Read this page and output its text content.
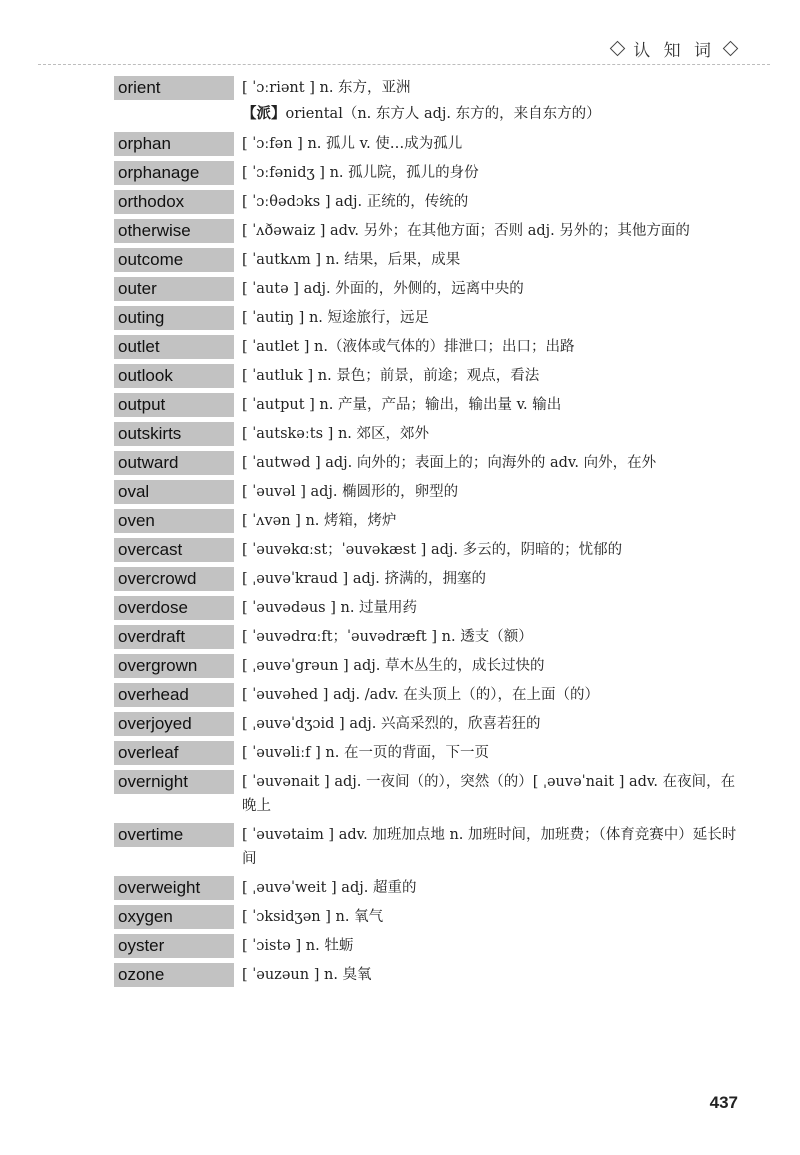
认 知 词
orient	[ ˈɔːriənt ] n. 东方，亚洲
【派】oriental（n. 东方人 adj. 东方的，来自东方的）
orphan	[ ˈɔːfən ] n. 孤儿 v. 使…成为孤儿
orphanage	[ ˈɔːfənidʒ ] n. 孤儿院，孤儿的身份
orthodox	[ ˈɔːθədɔks ] adj. 正统的，传统的
otherwise	[ ˈʌðəwaiz ] adv. 另外；在其他方面；否则 adj. 另外的；其他方面的
outcome	[ ˈautkʌm ] n. 结果，后果，成果
outer	[ ˈautə ] adj. 外面的，外侧的，远离中央的
outing	[ ˈautiŋ ] n. 短途旅行，远足
outlet	[ ˈautlet ] n.（液体或气体的）排泄口；出口；出路
outlook	[ ˈautluk ] n. 景色；前景，前途；观点，看法
output	[ ˈautput ] n. 产量，产品；输出，输出量 v. 输出
outskirts	[ ˈautskəːts ] n. 郊区，郊外
outward	[ ˈautwəd ] adj. 向外的；表面上的；向海外的 adv. 向外，在外
oval	[ ˈəuvəl ] adj. 椭圆形的，卵型的
oven	[ ˈʌvən ] n. 烤箱，烤炉
overcast	[ ˈəuvəkɑːst；ˈəuvəkæst ] adj. 多云的，阴暗的；忧郁的
overcrowd	[ ˌəuvəˈkraud ] adj. 挤满的，拥塞的
overdose	[ ˈəuvədəus ] n. 过量用药
overdraft	[ ˈəuvədrɑːft；ˈəuvədræft ] n. 透支（额）
overgrown	[ ˌəuvəˈgrəun ] adj. 草木丛生的，成长过快的
overhead	[ ˈəuvəhed ] adj. /adv. 在头顶上（的），在上面（的）
overjoyed	[ ˌəuvəˈdʒɔid ] adj. 兴高采烈的，欣喜若狂的
overleaf	[ ˈəuvəliːf ] n. 在一页的背面，下一页
overnight	[ ˈəuvənait ] adj. 一夜间（的），突然（的）[ ˌəuvəˈnait ] adv. 在夜间，在晚上
overtime	[ ˈəuvətaim ] adv. 加班加点地 n. 加班时间，加班费；（体育竞赛中）延长时间
overweight	[ ˌəuvəˈweit ] adj. 超重的
oxygen	[ ˈɔksidʒən ] n. 氧气
oyster	[ ˈɔistə ] n. 牡蛎
ozone	[ ˈəuzəun ] n. 臭氧
437
